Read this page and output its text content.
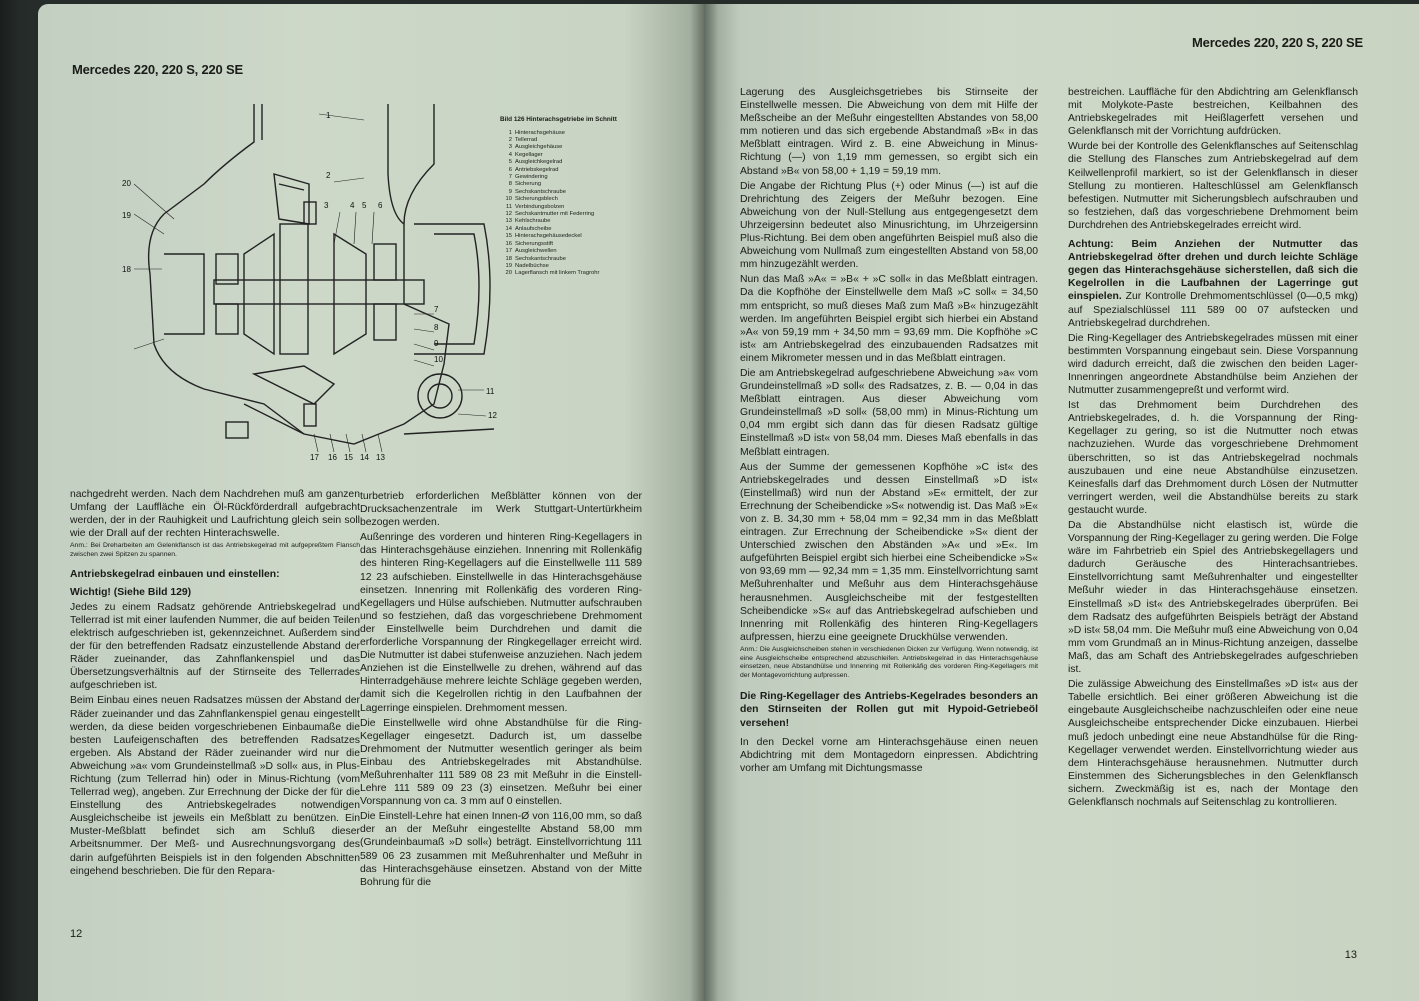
Mercedes 220, 220 S, 220 SE
1
2
3	4 5 6
7
8
9
10
11
12
13
14
15
16
17
18
19
20
Bild 126 Hinterachsgetriebe im Schnitt
1 Hinterachsgehäuse
2 Tellerrad
3 Ausgleichgehäuse
4 Kegellager
5 Ausgleichkegelrad
6 Antriebskegelrad
7 Gewindering
8 Sicherung
9 Sechskantschraube
10 Sicherungsblech
11 Verbindungsbolzen
12 Sechskantmutter mit Federring
13 Kehlschraube
14 Anlaufscheibe
15 Hinterachsgehäusedeckel
16 Sicherungsstift
17 Ausgleichwellen
18 Sechskantschraube
19 Nadelbüchse
20 Lagerflansch mit linkem Tragrohr

nachgedreht werden. Nach dem Nachdrehen muß am ganzen Umfang der Lauffläche ein Öl-Rückförderdrall aufgebracht werden, der in der Rauhigkeit und Laufrichtung gleich sein soll wie der Drall auf der rechten Hinterachswelle.

Anm.: Bei Dreharbeiten am Gelenkflansch ist das Antriebskegelrad mit aufgepreßtem Flansch zwischen zwei Spitzen zu spannen.

Antriebskegelrad einbauen und einstellen:

Wichtig! (Siehe Bild 129)

Jedes zu einem Radsatz gehörende Antriebskegelrad und Tellerrad ist mit einer laufenden Nummer, die auf beiden Teilen elektrisch aufgeschrieben ist, gekennzeichnet. Außerdem sind der für den betreffenden Radsatz einzustellende Abstand der Räder zueinander, das Zahnflankenspiel und das Übersetzungsverhältnis auf der Stirnseite des Tellerrades aufgeschrieben ist.

Beim Einbau eines neuen Radsatzes müssen der Abstand der Räder zueinander und das Zahnflankenspiel genau eingestellt werden, da diese beiden vorgeschriebenen Einbaumaße die besten Laufeigenschaften des betreffenden Radsatzes ergeben. Als Abstand der Räder zueinander wird nur die Abweichung »a« vom Grundeinstellmaß »D soll« aus, in Plus-Richtung (zum Tellerrad hin) oder in Minus-Richtung (vom Tellerrad weg), angeben. Zur Errechnung der Dicke der für die Einstellung des Antriebskegelrades notwendigen Ausgleichscheibe ist jeweils ein Meßblatt zu benützen. Ein Muster-Meßblatt befindet sich am Schluß dieser Arbeitsnummer. Der Meß- und Ausrechnungsvorgang des darin aufgeführten Beispiels ist in den folgenden Abschnitten eingehend beschrieben. Die für den Repara-

turbetrieb erforderlichen Meßblätter können von der Drucksachenzentrale im Werk Stuttgart-Untertürkheim bezogen werden.

Außenringe des vorderen und hinteren Ring-Kegellagers in das Hinterachsgehäuse einziehen. Innenring mit Rollenkäfig des hinteren Ring-Kegellagers auf die Einstellwelle 111 589 12 23 aufschieben. Einstellwelle in das Hinterachsgehäuse einsetzen. Innenring mit Rollenkäfig des vorderen Ring-Kegellagers und Hülse aufschieben. Nutmutter aufschrauben und so festziehen, daß das vorgeschriebene Drehmoment der Einstellwelle beim Durchdrehen und damit die erforderliche Vorspannung der Ringkegellager erreicht wird. Die Nutmutter ist dabei stufenweise anzuziehen. Nach jedem Anziehen ist die Einstellwelle zu drehen, während auf das Hinterradgehäuse mehrere leichte Schläge gegeben werden, damit sich die Kegelrollen richtig in den Laufbahnen der Lagerringe einspielen. Drehmoment messen.

Die Einstellwelle wird ohne Abstandhülse für die Ring-Kegellager eingesetzt. Dadurch ist, um dasselbe Drehmoment der Nutmutter wesentlich geringer als beim Einbau des Antriebskegelrades mit Abstandhülse. Meßuhrenhalter 111 589 08 23 mit Meßuhr in die Einstell-Lehre 111 589 09 23 (3) einsetzen. Meßuhr bei einer Vorspannung von ca. 3 mm auf 0 einstellen.

Die Einstell-Lehre hat einen Innen-Ø von 116,00 mm, so daß der an der Meßuhr eingestellte Abstand 58,00 mm (Grundeinbaumaß »D soll«) beträgt. Einstellvorrichtung 111 589 06 23 zusammen mit Meßuhrenhalter und Meßuhr in das Hinterachsgehäuse einsetzen. Abstand von der Mitte Bohrung für die

12
Mercedes 220, 220 S, 220 SE

Lagerung des Ausgleichsgetriebes bis Stirnseite der Einstellwelle messen. Die Abweichung von dem mit Hilfe der Meßscheibe an der Meßuhr eingestellten Abstandes von 58,00 mm notieren und das sich ergebende Abstandmaß »B« in das Meßblatt eintragen. Wird z. B. eine Abweichung in Minus-Richtung (—) von 1,19 mm gemessen, so ergibt sich ein Abstand »B« von 58,00 + 1,19 = 59,19 mm.

Die Angabe der Richtung Plus (+) oder Minus (—) ist auf die Drehrichtung des Zeigers der Meßuhr bezogen. Eine Abweichung von der Null-Stellung aus entgegengesetzt dem Uhrzeigersinn bedeutet also Minusrichtung, im Uhrzeigersinn Plus-Richtung. Bei dem oben angeführten Beispiel muß also die Abweichung vom Nullmaß zum eingestellten Abstand von 58,00 mm hinzugezählt werden.

Nun das Maß »A« = »B« + »C soll« in das Meßblatt eintragen. Da die Kopfhöhe der Einstellwelle dem Maß »C soll« = 34,50 mm entspricht, so muß dieses Maß zum Maß »B« hinzugezählt werden. Im angeführten Beispiel ergibt sich hierbei ein Abstand »A« von 59,19 mm + 34,50 mm = 93,69 mm. Die Kopfhöhe »C ist« am Antriebskegelrad des einzubauenden Radsatzes mit einem Mikrometer messen und in das Meßblatt eintragen.

Die am Antriebskegelrad aufgeschriebene Abweichung »a« vom Grundeinstellmaß »D soll« des Radsatzes, z. B. — 0,04 in das Meßblatt eintragen. Aus dieser Abweichung vom Grundeinstellmaß »D soll« (58,00 mm) in Minus-Richtung um 0,04 mm ergibt sich dann das für diesen Radsatz gültige Einstellmaß »D ist« von 58,04 mm. Dieses Maß ebenfalls in das Meßblatt eintragen.

Aus der Summe der gemessenen Kopfhöhe »C ist« des Antriebskegelrades und dessen Einstellmaß »D ist« (Einstellmaß) wird nun der Abstand »E« ermittelt, der zur Errechnung der Scheibendicke »S« notwendig ist. Das Maß »E« von z. B. 34,30 mm + 58,04 mm = 92,34 mm in das Meßblatt eintragen. Zur Errechnung der Scheibendicke »S« dient der Unterschied zwischen den Abständen »A« und »E«. Im aufgeführten Beispiel ergibt sich hierbei eine Scheibendicke »S« von 93,69 mm — 92,34 mm = 1,35 mm. Einstellvorrichtung samt Meßuhrenhalter und Meßuhr aus dem Hinterachsgehäuse herausnehmen. Ausgleichscheibe mit der festgestellten Scheibendicke »S« auf das Antriebskegelrad aufschieben und Innenring mit Rollenkäfig des hinteren Ring-Kegellagers aufpressen, hierzu eine geeignete Druckhülse verwenden.

Anm.: Die Ausgleichscheiben stehen in verschiedenen Dicken zur Verfügung. Wenn notwendig, ist eine Ausgleichscheibe entsprechend abzuschleifen. Antriebskegelrad in das Hinterachsgehäuse einsetzen, neue Abstandhülse und Innenring mit Rollenkäfig des vorderen Ring-Kegellagers mit der Montagevorrichtung aufpressen.

Die Ring-Kegellager des Antriebs-Kegelrades besonders an den Stirnseiten der Rollen gut mit Hypoid-Getriebeöl versehen!

In den Deckel vorne am Hinterachsgehäuse einen neuen Abdichtring mit dem Montagedorn einpressen. Abdichtring vorher am Umfang mit Dichtungsmasse

bestreichen. Lauffläche für den Abdichtring am Gelenkflansch mit Molykote-Paste bestreichen, Keilbahnen des Antriebskegelrades mit Heißlagerfett versehen und Gelenkflansch mit der Vorrichtung aufdrücken.

Wurde bei der Kontrolle des Gelenkflansches auf Seitenschlag die Stellung des Flansches zum Antriebskegelrad auf dem Keilwellenprofil markiert, so ist der Gelenkflansch in dieser Stellung zu montieren. Halteschlüssel am Gelenkflansch befestigen. Nutmutter mit Sicherungsblech aufschrauben und so festziehen, daß das vorgeschriebene Drehmoment beim Durchdrehen des Antriebskegelrades erreicht wird.

Achtung: Beim Anziehen der Nutmutter das Antriebskegelrad öfter drehen und durch leichte Schläge gegen das Hinterachsgehäuse sicherstellen, daß sich die Kegelrollen in die Laufbahnen der Lagerringe gut einspielen. Zur Kontrolle Drehmomentschlüssel (0—0,5 mkg) auf Spezialschlüssel 111 589 00 07 aufstecken und Antriebskegelrad durchdrehen.

Die Ring-Kegellager des Antriebskegelrades müssen mit einer bestimmten Vorspannung eingebaut sein. Diese Vorspannung wird dadurch erreicht, daß die zwischen den beiden Lager-Innenringen angeordnete Abstandhülse beim Anziehen der Nutmutter zusammengepreßt und verformt wird.

Ist das Drehmoment beim Durchdrehen des Antriebskegelrades, d. h. die Vorspannung der Ring-Kegellager zu gering, so ist die Nutmutter noch etwas nachzuziehen. Wurde das vorgeschriebene Drehmoment überschritten, so ist das Antriebskegelrad nochmals auszubauen und eine neue Abstandhülse einzusetzen. Keinesfalls darf das Drehmoment durch Lösen der Nutmutter verringert werden, weil die Abstandhülse bereits zu stark gestaucht wurde.

Da die Abstandhülse nicht elastisch ist, würde die Vorspannung der Ring-Kegellager zu gering werden. Die Folge wäre im Fahrbetrieb ein Spiel des Antriebskegellagers und dadurch Geräusche des Hinterachsantriebes. Einstellvorrichtung samt Meßuhrenhalter und eingestellter Meßuhr wieder in das Hinterachsgehäuse einsetzen. Einstellmaß »D ist« des Antriebskegelrades überprüfen. Bei dem Radsatz des aufgeführten Beispiels beträgt der Abstand »D ist« 58,04 mm. Die Meßuhr muß eine Abweichung von 0,04 mm vom Grundmaß an in Minus-Richtung anzeigen, dasselbe Maß, das am Schaft des Antriebskegelrades aufgeschrieben ist.

Die zulässige Abweichung des Einstellmaßes »D ist« aus der Tabelle ersichtlich. Bei einer größeren Abweichung ist die eingebaute Ausgleichscheibe nachzuschleifen oder eine neue Ausgleichscheibe entsprechender Dicke einzubauen. Hierbei muß jedoch unbedingt eine neue Abstandhülse für die Ring-Kegellager verwendet werden. Einstellvorrichtung wieder aus dem Hinterachsgehäuse herausnehmen. Nutmutter durch Einstemmen des Sicherungsbleches in den Gelenkflansch sichern. Zweckmäßig ist es, nach der Montage den Gelenkflansch nochmals auf Seitenschlag zu kontrollieren.

13
